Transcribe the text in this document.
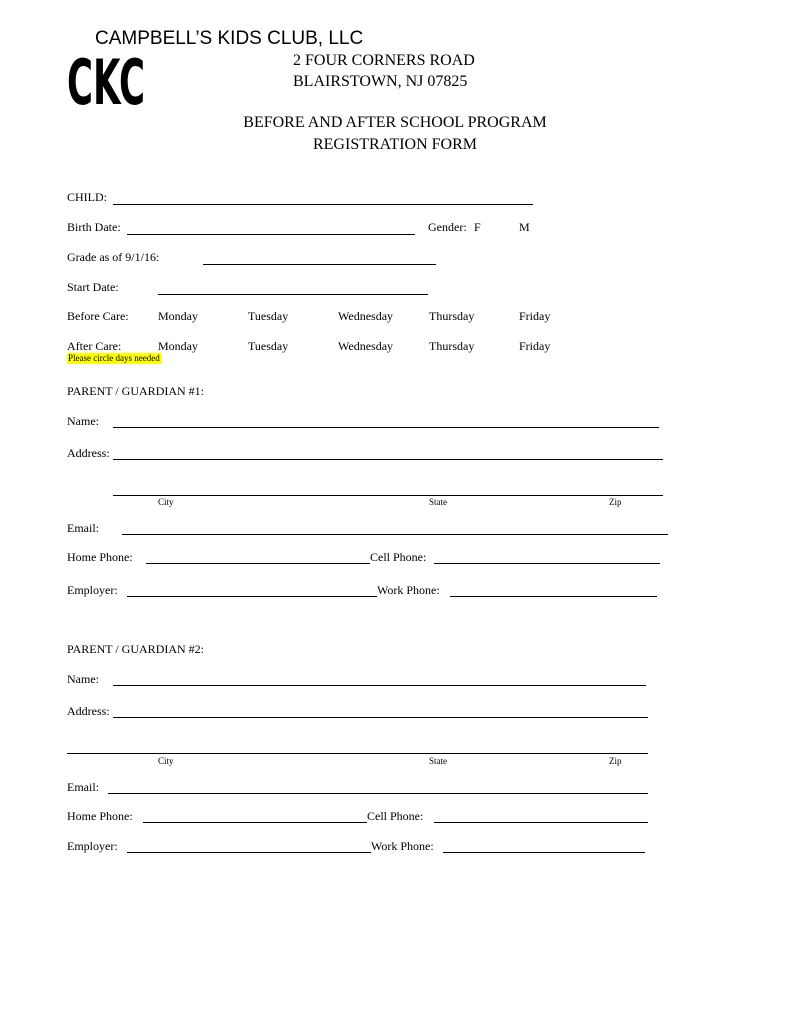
CKC
CAMPBELL’S KIDS CLUB, LLC
2 FOUR CORNERS ROAD
BLAIRSTOWN, NJ 07825
BEFORE AND AFTER SCHOOL PROGRAM
REGISTRATION FORM
CHILD:
Birth Date:	Gender: F	M
Grade as of 9/1/16:
Start Date:
Before Care: Monday	Tuesday	Wednesday	Thursday	Friday
After Care:	Monday	Tuesday	Wednesday	Thursday	Friday
Please circle days needed
PARENT / GUARDIAN #1:
Name:
Address:
City	State	Zip
Email:
Home Phone:	Cell Phone:
Employer:	Work Phone:
PARENT / GUARDIAN #2:
Name:
Address:
City	State	Zip
Email:
Home Phone:	Cell Phone:
Employer:	Work Phone:
